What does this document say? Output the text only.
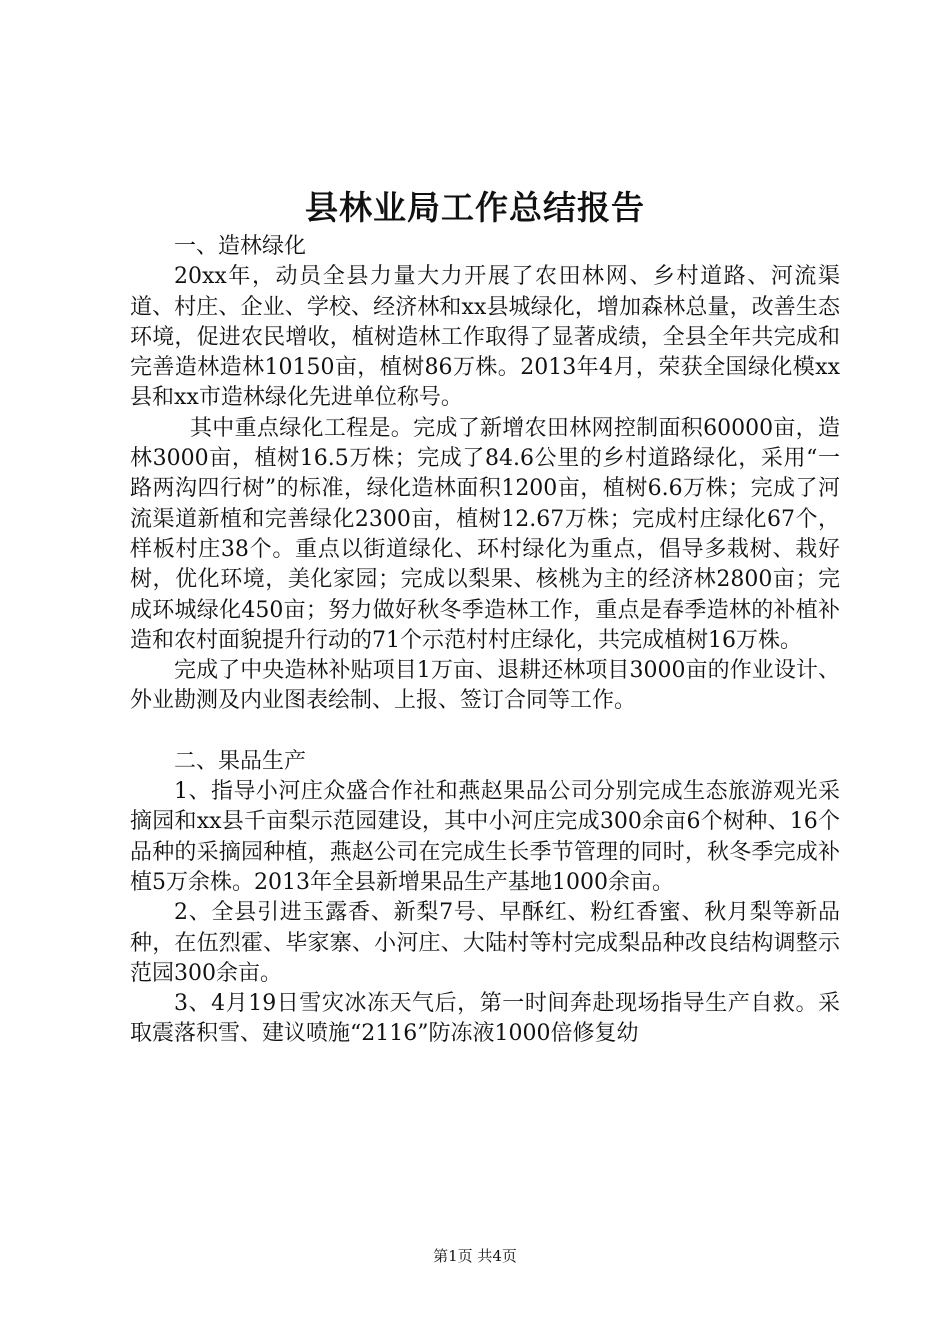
县林业局工作总结报告

一、造林绿化

20xx年，动员全县力量大力开展了农田林网、乡村道路、河流渠道、村庄、企业、学校、经济林和xx县城绿化，增加森林总量，改善生态环境，促进农民增收，植树造林工作取得了显著成绩，全县全年共完成和完善造林造林10150亩，植树86万株。2013年4月，荣获全国绿化模xx县和xx市造林绿化先进单位称号。

其中重点绿化工程是。完成了新增农田林网控制面积60000亩，造林3000亩，植树16.5万株；完成了84.6公里的乡村道路绿化，采用“一路两沟四行树”的标准，绿化造林面积1200亩，植树6.6万株；完成了河流渠道新植和完善绿化2300亩，植树12.67万株；完成村庄绿化67个，样板村庄38个。重点以街道绿化、环村绿化为重点，倡导多栽树、栽好树，优化环境，美化家园；完成以梨果、核桃为主的经济林2800亩；完成环城绿化450亩；努力做好秋冬季造林工作，重点是春季造林的补植补造和农村面貌提升行动的71个示范村村庄绿化，共完成植树16万株。

完成了中央造林补贴项目1万亩、退耕还林项目3000亩的作业设计、外业勘测及内业图表绘制、上报、签订合同等工作。

二、果品生产

1、指导小河庄众盛合作社和燕赵果品公司分别完成生态旅游观光采摘园和xx县千亩梨示范园建设，其中小河庄完成300余亩6个树种、16个品种的采摘园种植，燕赵公司在完成生长季节管理的同时，秋冬季完成补植5万余株。2013年全县新增果品生产基地1000余亩。

2、全县引进玉露香、新梨7号、早酥红、粉红香蜜、秋月梨等新品种，在伍烈霍、毕家寨、小河庄、大陆村等村完成梨品种改良结构调整示范园300余亩。

3、4月19日雪灾冰冻天气后，第一时间奔赴现场指导生产自救。采取震落积雪、建议喷施“2116”防冻液1000倍修复幼

第1页 共4页
